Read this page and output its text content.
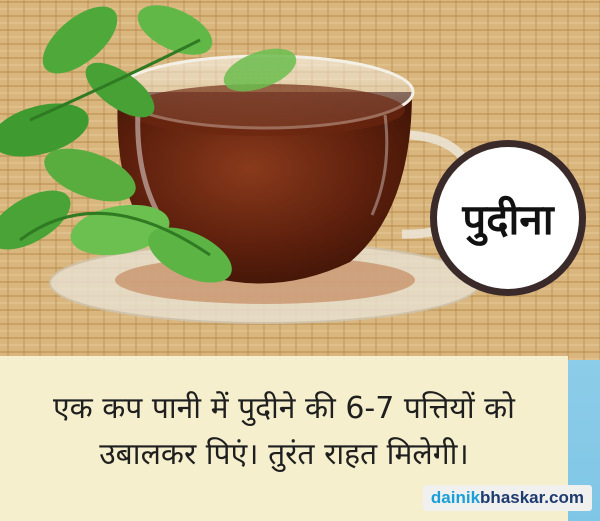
एक कप पानी में पुदीने की 6-7 पत्तियों को
उबालकर पिएं। तुरंत राहत मिलेगी।
पुदीना
dainikbhaskar.com
